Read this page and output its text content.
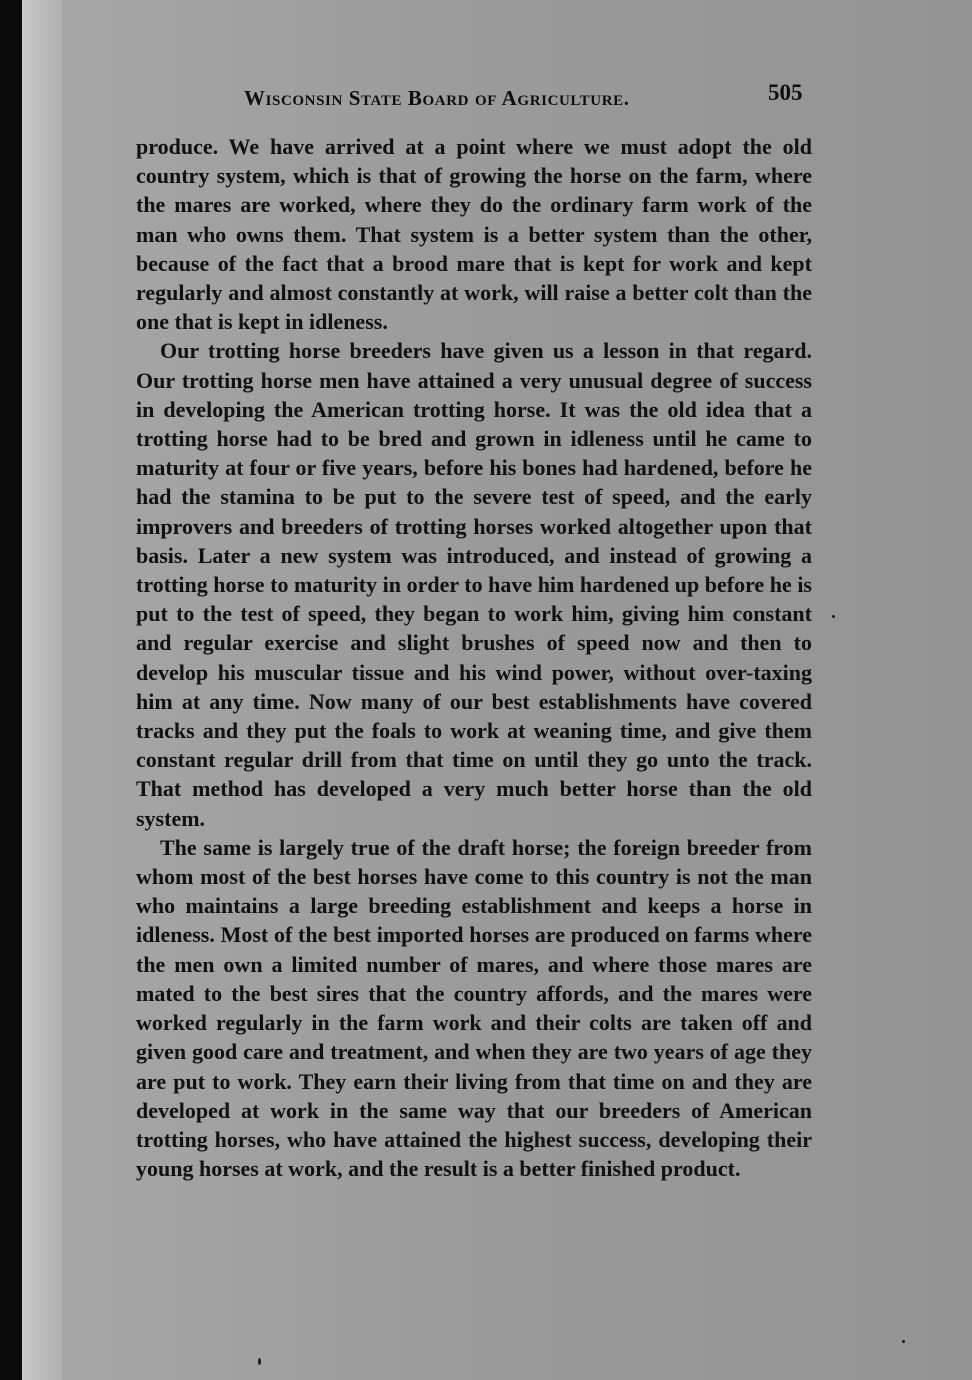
Wisconsin State Board of Agriculture.	505

produce. We have arrived at a point where we must adopt the old country system, which is that of growing the horse on the farm, where the mares are worked, where they do the ordinary farm work of the man who owns them. That system is a better system than the other, because of the fact that a brood mare that is kept for work and kept regularly and almost constantly at work, will raise a better colt than the one that is kept in idleness.

Our trotting horse breeders have given us a lesson in that regard. Our trotting horse men have attained a very unusual degree of success in developing the American trotting horse. It was the old idea that a trotting horse had to be bred and grown in idleness until he came to maturity at four or five years, before his bones had hardened, before he had the stamina to be put to the severe test of speed, and the early improvers and breeders of trotting horses worked altogether upon that basis. Later a new system was introduced, and instead of growing a trotting horse to maturity in order to have him hardened up before he is put to the test of speed, they began to work him, giving him constant and regular exercise and slight brushes of speed now and then to develop his muscular tissue and his wind power, without over-taxing him at any time. Now many of our best establishments have covered tracks and they put the foals to work at weaning time, and give them constant regular drill from that time on until they go unto the track. That method has developed a very much better horse than the old system.

The same is largely true of the draft horse; the foreign breeder from whom most of the best horses have come to this country is not the man who maintains a large breeding establishment and keeps a horse in idleness. Most of the best imported horses are produced on farms where the men own a limited number of mares, and where those mares are mated to the best sires that the country affords, and the mares were worked regularly in the farm work and their colts are taken off and given good care and treatment, and when they are two years of age they are put to work. They earn their living from that time on and they are developed at work in the same way that our breeders of American trotting horses, who have attained the highest success, developing their young horses at work, and the result is a better finished product.
